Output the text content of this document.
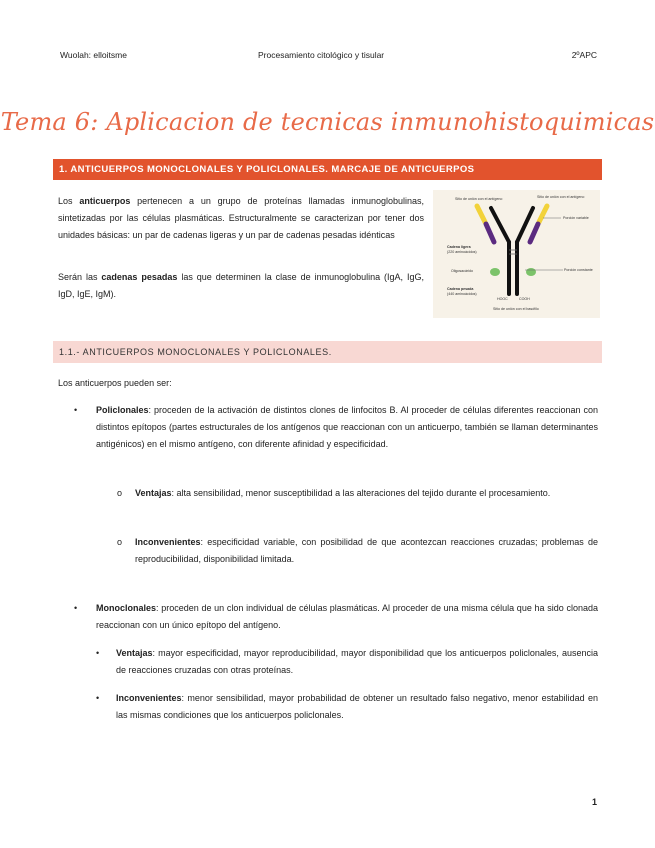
Wuolah: elloitsme	Procesamiento citológico y tisular	2ºAPC
Tema 6: Aplicacion de tecnicas inmunohistoquimicas
1. ANTICUERPOS MONOCLONALES Y POLICLONALES. MARCAJE DE ANTICUERPOS
Los anticuerpos pertenecen a un grupo de proteínas llamadas inmunoglobulinas, sintetizadas por las células plasmáticas. Estructuralmente se caracterizan por tener dos unidades básicas: un par de cadenas ligeras y un par de cadenas pesadas idénticas
Serán las cadenas pesadas las que determinen la clase de inmunoglobulina (IgA, IgG, IgD, IgE, IgM).
Sitio de unión con el antígeno	Sitio de unión con el antígeno
Porción variable
Porción constante
Cadena ligera
(220 aminoácidos)
Oligosacárido
Cadena pesada
(440 aminoácidos)
HOOC	COOH
Sitio de unión con el basófilo
1.1.- ANTICUERPOS MONOCLONALES Y POLICLONALES.
Los anticuerpos pueden ser:
• Policlonales: proceden de la activación de distintos clones de linfocitos B. Al proceder de células diferentes reaccionan con distintos epítopos (partes estructurales de los antígenos que reaccionan con un anticuerpo, también se llaman determinantes antigénicos) en el mismo antígeno, con diferente afinidad y especificidad.
o Ventajas: alta sensibilidad, menor susceptibilidad a las alteraciones del tejido durante el procesamiento.
o Inconvenientes: especificidad variable, con posibilidad de que acontezcan reacciones cruzadas; problemas de reproducibilidad, disponibilidad limitada.
• Monoclonales: proceden de un clon individual de células plasmáticas. Al proceder de una misma célula que ha sido clonada reaccionan con un único epítopo del antígeno.
• Ventajas: mayor especificidad, mayor reproducibilidad, mayor disponibilidad que los anticuerpos policlonales, ausencia de reacciones cruzadas con otras proteínas.
• Inconvenientes: menor sensibilidad, mayor probabilidad de obtener un resultado falso negativo, menor estabilidad en las mismas condiciones que los anticuerpos policlonales.
1
